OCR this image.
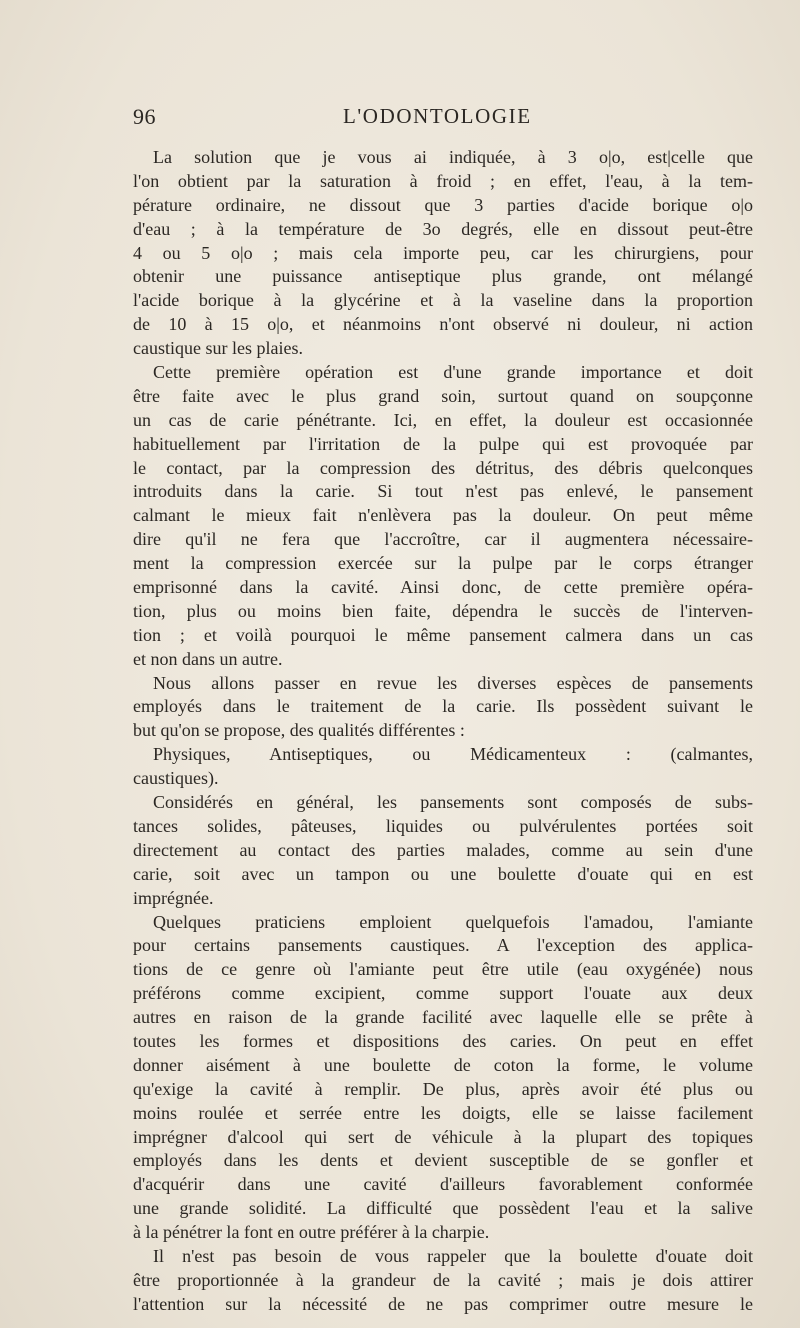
96	L'ODONTOLOGIE
La solution que je vous ai indiquée, à 3 o|o, est|celle que
l'on obtient par la saturation à froid ; en effet, l'eau, à la tem-
pérature ordinaire, ne dissout que 3 parties d'acide borique o|o
d'eau ; à la température de 3o degrés, elle en dissout peut-être
4 ou 5 o|o ; mais cela importe peu, car les chirurgiens, pour
obtenir une puissance antiseptique plus grande, ont mélangé
l'acide borique à la glycérine et à la vaseline dans la proportion
de 10 à 15 o|o, et néanmoins n'ont observé ni douleur, ni action
caustique sur les plaies.
Cette première opération est d'une grande importance et doit
être faite avec le plus grand soin, surtout quand on soupçonne
un cas de carie pénétrante. Ici, en effet, la douleur est occasionnée
habituellement par l'irritation de la pulpe qui est provoquée par
le contact, par la compression des détritus, des débris quelconques
introduits dans la carie. Si tout n'est pas enlevé, le pansement
calmant le mieux fait n'enlèvera pas la douleur. On peut même
dire qu'il ne fera que l'accroître, car il augmentera nécessaire-
ment la compression exercée sur la pulpe par le corps étranger
emprisonné dans la cavité. Ainsi donc, de cette première opéra-
tion, plus ou moins bien faite, dépendra le succès de l'interven-
tion ; et voilà pourquoi le même pansement calmera dans un cas
et non dans un autre.
Nous allons passer en revue les diverses espèces de pansements
employés dans le traitement de la carie. Ils possèdent suivant le
but qu'on se propose, des qualités différentes :
Physiques, Antiseptiques, ou Médicamenteux : (calmantes,
caustiques).
Considérés en général, les pansements sont composés de subs-
tances solides, pâteuses, liquides ou pulvérulentes portées soit
directement au contact des parties malades, comme au sein d'une
carie, soit avec un tampon ou une boulette d'ouate qui en est
imprégnée.
Quelques praticiens emploient quelquefois l'amadou, l'amiante
pour certains pansements caustiques. A l'exception des applica-
tions de ce genre où l'amiante peut être utile (eau oxygénée) nous
préférons comme excipient, comme support l'ouate aux deux
autres en raison de la grande facilité avec laquelle elle se prête à
toutes les formes et dispositions des caries. On peut en effet
donner aisément à une boulette de coton la forme, le volume
qu'exige la cavité à remplir. De plus, après avoir été plus ou
moins roulée et serrée entre les doigts, elle se laisse facilement
imprégner d'alcool qui sert de véhicule à la plupart des topiques
employés dans les dents et devient susceptible de se gonfler et
d'acquérir dans une cavité d'ailleurs favorablement conformée
une grande solidité. La difficulté que possèdent l'eau et la salive
à la pénétrer la font en outre préférer à la charpie.
Il n'est pas besoin de vous rappeler que la boulette d'ouate doit
être proportionnée à la grandeur de la cavité ; mais je dois attirer
l'attention sur la nécessité de ne pas comprimer outre mesure le
